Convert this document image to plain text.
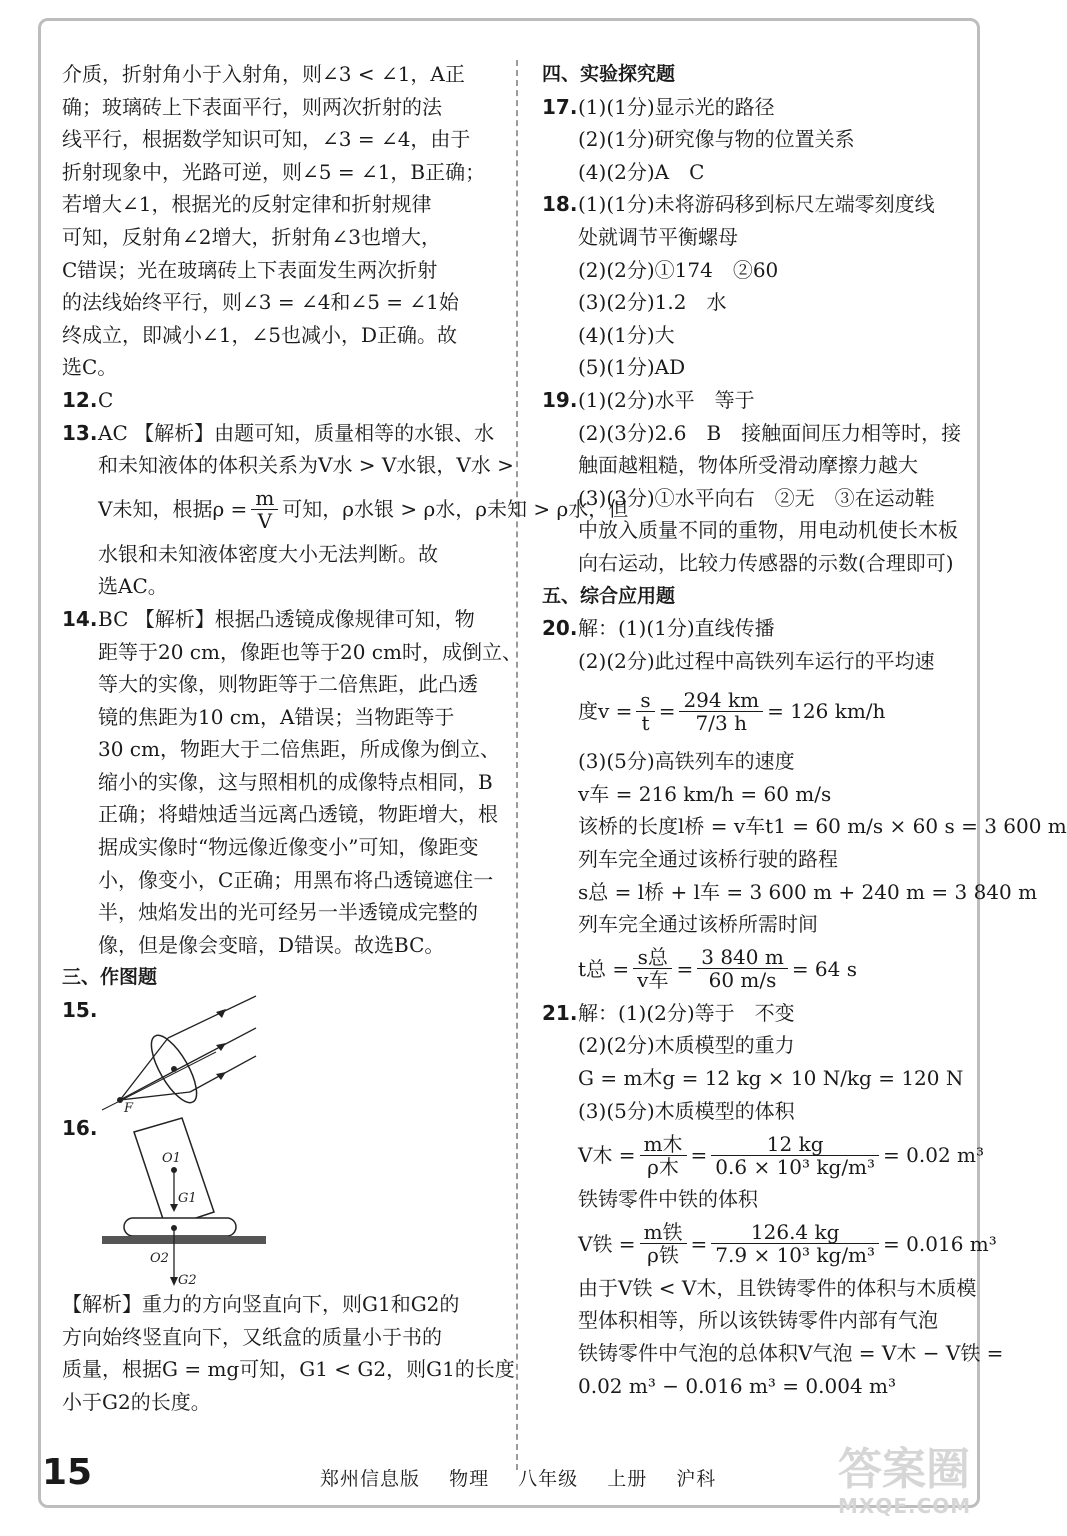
介质，折射角小于入射角，则∠3 < ∠1，A正
确；玻璃砖上下表面平行，则两次折射的法
线平行，根据数学知识可知，∠3 = ∠4，由于
折射现象中，光路可逆，则∠5 = ∠1，B正确；
若增大∠1，根据光的反射定律和折射规律
可知，反射角∠2增大，折射角∠3也增大，
C错误；光在玻璃砖上下表面发生两次折射
的法线始终平行，则∠3 = ∠4和∠5 = ∠1始
终成立，即减小∠1，∠5也减小，D正确。故
选C。
12.C
13.AC 【解析】由题可知，质量相等的水银、水
和未知液体的体积关系为V水 > V水银，V水 >
V未知，根据$\rho = \frac{m}{V}$ 可知，ρ水银 > ρ水，ρ未知 > ρ水，但
水银和未知液体密度大小无法判断。故
选AC。
14.BC 【解析】根据凸透镜成像规律可知，物
距等于20 cm，像距也等于20 cm时，成倒立、
等大的实像，则物距等于二倍焦距，此凸透
镜的焦距为10 cm，A错误；当物距等于
30 cm，物距大于二倍焦距，所成像为倒立、
缩小的实像，这与照相机的成像特点相同，B
正确；将蜡烛适当远离凸透镜，物距增大，根
据成实像时“物远像近像变小”可知，像距变
小，像变小，C正确；用黑布将凸透镜遮住一
半，烛焰发出的光可经另一半透镜成完整的
像，但是像会变暗，D错误。故选BC。
三、作图题
15.
F
16.
O1
G1
O2
G2
【解析】重力的方向竖直向下，则G1和G2的
方向始终竖直向下，又纸盒的质量小于书的
质量，根据G = mg可知，G1 < G2，则G1的长度
小于G2的长度。
四、实验探究题
17.(1)(1分)显示光的路径
(2)(1分)研究像与物的位置关系
(4)(2分)A　C
18.(1)(1分)未将游码移到标尺左端零刻度线
处就调节平衡螺母
(2)(2分)①174　②60
(3)(2分)1.2　水
(4)(1分)大
(5)(1分)AD
19.(1)(2分)水平　等于
(2)(3分)2.6　B　接触面间压力相等时，接
触面越粗糙，物体所受滑动摩擦力越大
(3)(3分)①水平向右　②无　③在运动鞋
中放入质量不同的重物，用电动机使长木板
向右运动，比较力传感器的示数(合理即可)
五、综合应用题
20.解：(1)(1分)直线传播
(2)(2分)此过程中高铁列车运行的平均速
度$v = \frac{s}{t} = \frac{294 km}{7/3 h} = 126$ km/h
(3)(5分)高铁列车的速度
v车 = 216 km/h = 60 m/s
该桥的长度l桥 = v车t1 = 60 m/s × 60 s = 3 600 m
列车完全通过该桥行驶的路程
s总 = l桥 + l车 = 3 600 m + 240 m = 3 840 m
列车完全通过该桥所需时间
t总 = $\frac{\text{s总}}{\text{v车}} = \frac{3 840 m}{60 m/s} = 64$ s
21.解：(1)(2分)等于　不变
(2)(2分)木质模型的重力
G = m木g = 12 kg × 10 N/kg = 120 N
(3)(5分)木质模型的体积
V木 = $\frac{\text{m木}}{\text{ρ木}} = \frac{12 kg}{\text{0.6 × 10³ kg/m³}} = 0.02$ m³
铁铸零件中铁的体积
V铁 = $\frac{\text{m铁}}{\text{ρ铁}} = \frac{126.4 kg}{\text{7.9 × 10³ kg/m³}} = 0.016$ m³
由于V铁 < V木，且铁铸零件的体积与木质模
型体积相等，所以该铁铸零件内部有气泡
铁铸零件中气泡的总体积V气泡 = V木 − V铁 =
0.02 m³ − 0.016 m³ = 0.004 m³
15	郑州信息版 物理 八年级 上册 沪科	答案圈
MXQE.COM
